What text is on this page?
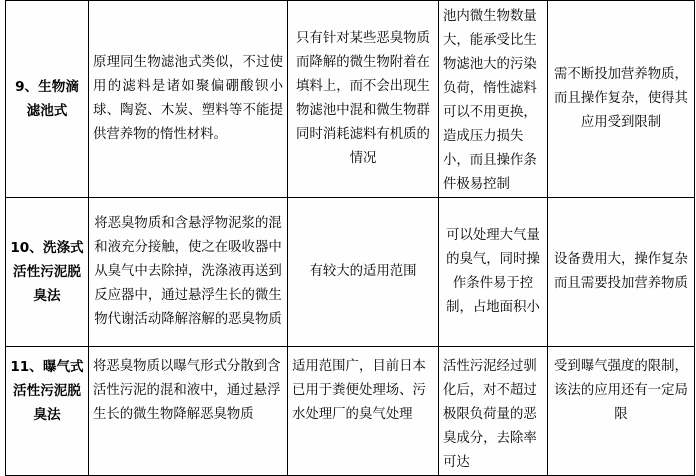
9、生物滴滤池式	原理同生物滤池式类似，不过使用的滤料是诸如聚偏硼酸钡小球、陶瓷、木炭、塑料等不能提供营养物的惰性材料。	只有针对某些恶臭物质而降解的微生物附着在填料上，而不会出现生物滤池中混和微生物群同时消耗滤料有机质的情况	池内微生物数量大，能承受比生物滤池大的污染负荷，惰性滤料可以不用更换，造成压力损失小，而且操作条件极易控制	需不断投加营养物质，而且操作复杂，使得其应用受到限制
10、洗涤式活性污泥脱臭法	将恶臭物质和含悬浮物泥浆的混和液充分接触，使之在吸收器中从臭气中去除掉，洗涤液再送到反应器中，通过悬浮生长的微生物代谢活动降解溶解的恶臭物质	有较大的适用范围	可以处理大气量的臭气，同时操作条件易于控制，占地面积小	设备费用大，操作复杂而且需要投加营养物质
11、曝气式活性污泥脱臭法	将恶臭物质以曝气形式分散到含活性污泥的混和液中，通过悬浮生长的微生物降解恶臭物质	适用范围广，目前日本已用于粪便处理场、污水处理厂的臭气处理	活性污泥经过驯化后，对不超过极限负荷量的恶臭成分，去除率可达	受到曝气强度的限制，该法的应用还有一定局限
